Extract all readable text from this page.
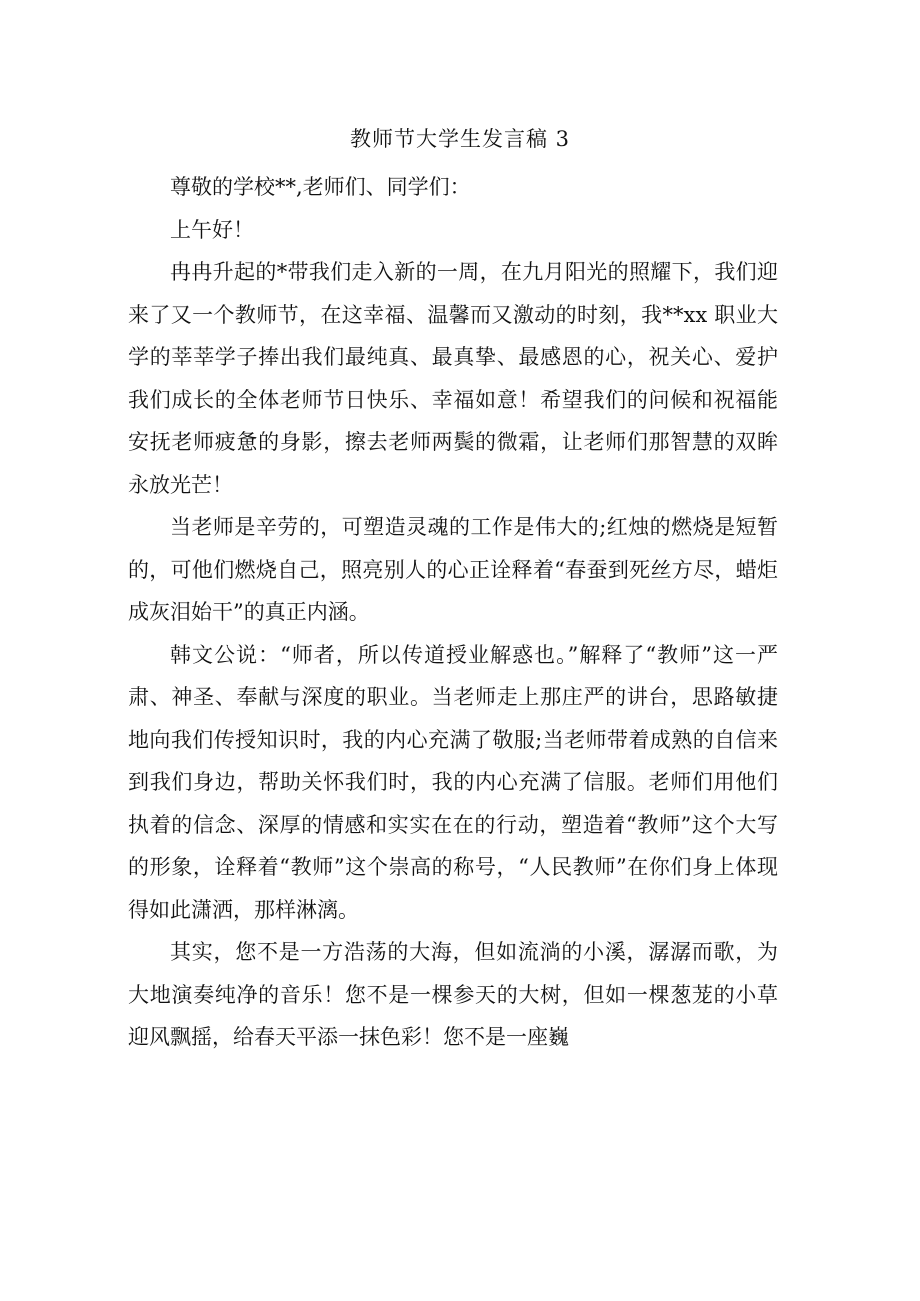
教师节大学生发言稿 3

尊敬的学校**,老师们、同学们：

上午好！

冉冉升起的*带我们走入新的一周，在九月阳光的照耀下，我们迎来了又一个教师节，在这幸福、温馨而又激动的时刻，我**xx 职业大学的莘莘学子捧出我们最纯真、最真挚、最感恩的心，祝关心、爱护我们成长的全体老师节日快乐、幸福如意！希望我们的问候和祝福能安抚老师疲惫的身影，擦去老师两鬓的微霜，让老师们那智慧的双眸永放光芒！

当老师是辛劳的，可塑造灵魂的工作是伟大的;红烛的燃烧是短暂的，可他们燃烧自己，照亮别人的心正诠释着“春蚕到死丝方尽，蜡炬成灰泪始干”的真正内涵。

韩文公说：“师者，所以传道授业解惑也。”解释了“教师”这一严肃、神圣、奉献与深度的职业。当老师走上那庄严的讲台，思路敏捷地向我们传授知识时，我的内心充满了敬服;当老师带着成熟的自信来到我们身边，帮助关怀我们时，我的内心充满了信服。老师们用他们执着的信念、深厚的情感和实实在在的行动，塑造着“教师”这个大写的形象，诠释着“教师”这个崇高的称号，“人民教师”在你们身上体现得如此潇洒，那样淋漓。

其实，您不是一方浩荡的大海，但如流淌的小溪，潺潺而歌，为大地演奏纯净的音乐！您不是一棵参天的大树，但如一棵葱茏的小草迎风飘摇，给春天平添一抹色彩！您不是一座巍
